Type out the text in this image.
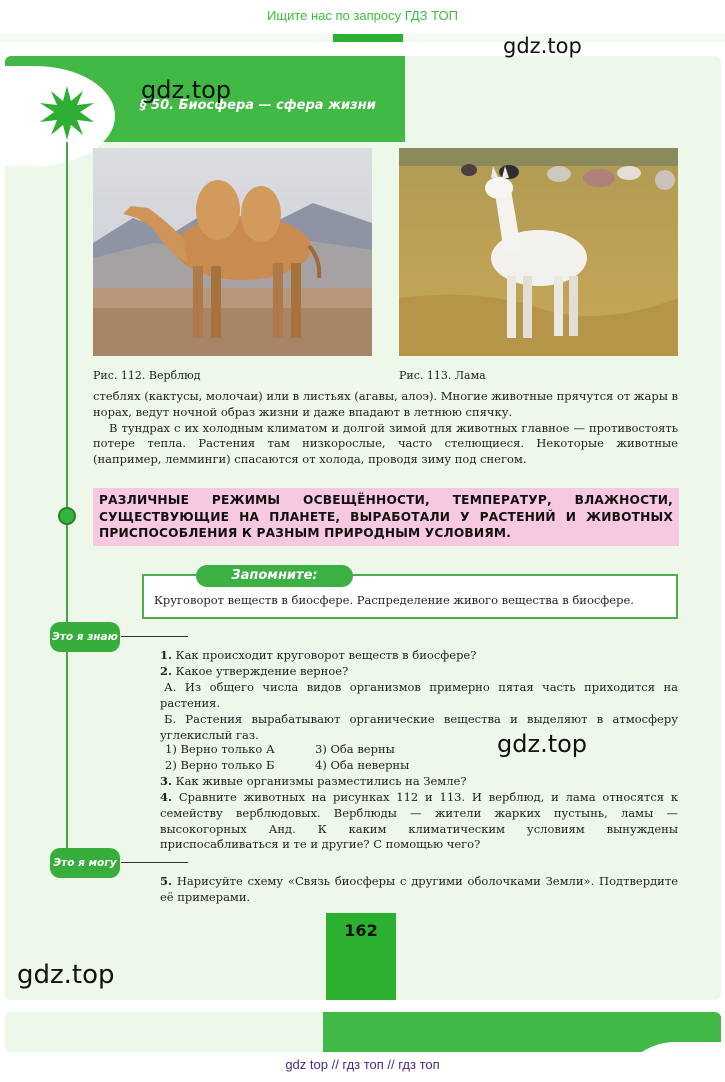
Ищите нас по запросу ГДЗ ТОП
§ 50. Биосфера — сфера жизни
Рис. 112. Верблюд	Рис. 113. Лама

стеблях (кактусы, молочаи) или в листьях (агавы, алоэ). Многие животные прячутся от жары в норах, ведут ночной образ жизни и даже впадают в летнюю спячку.

В тундрах с их холодным климатом и долгой зимой для животных главное — противостоять потере тепла. Растения там низкорослые, часто стелющиеся. Некоторые животные (например, лемминги) спасаются от холода, проводя зиму под снегом.

РАЗЛИЧНЫЕ РЕЖИМЫ ОСВЕЩЁННОСТИ, ТЕМПЕРАТУР, ВЛАЖНОСТИ, СУЩЕСТВУЮЩИЕ НА ПЛАНЕТЕ, ВЫРАБОТАЛИ У РАСТЕНИЙ И ЖИВОТНЫХ ПРИСПОСОБЛЕНИЯ К РАЗНЫМ ПРИРОДНЫМ УСЛОВИЯМ.

Запомните:
Круговорот веществ в биосфере. Распределение живого вещества в биосфере.
Это я знаю
1. Как происходит круговорот веществ в биосфере?
2. Какое утверждение верное?
А. Из общего числа видов организмов примерно пятая часть приходится на растения.
Б. Растения вырабатывают органические вещества и выделяют в атмосферу углекислый газ.
1) Верно только А	3) Оба верны
2) Верно только Б	4) Оба неверны
3. Как живые организмы разместились на Земле?
4. Сравните животных на рисунках 112 и 113. И верблюд, и лама относятся к семейству верблюдовых. Верблюды — жители жарких пустынь, ламы — высокогорных Анд. К каким климатическим условиям вынуждены приспосабливаться и те и другие? С помощью чего?
Это я могу
5. Нарисуйте схему «Связь биосферы с другими оболочками Земли». Подтвердите её примерами.
162
gdz.top
gdz.top
gdz.top
gdz.top
gdz top // гдз топ // гдз топ
